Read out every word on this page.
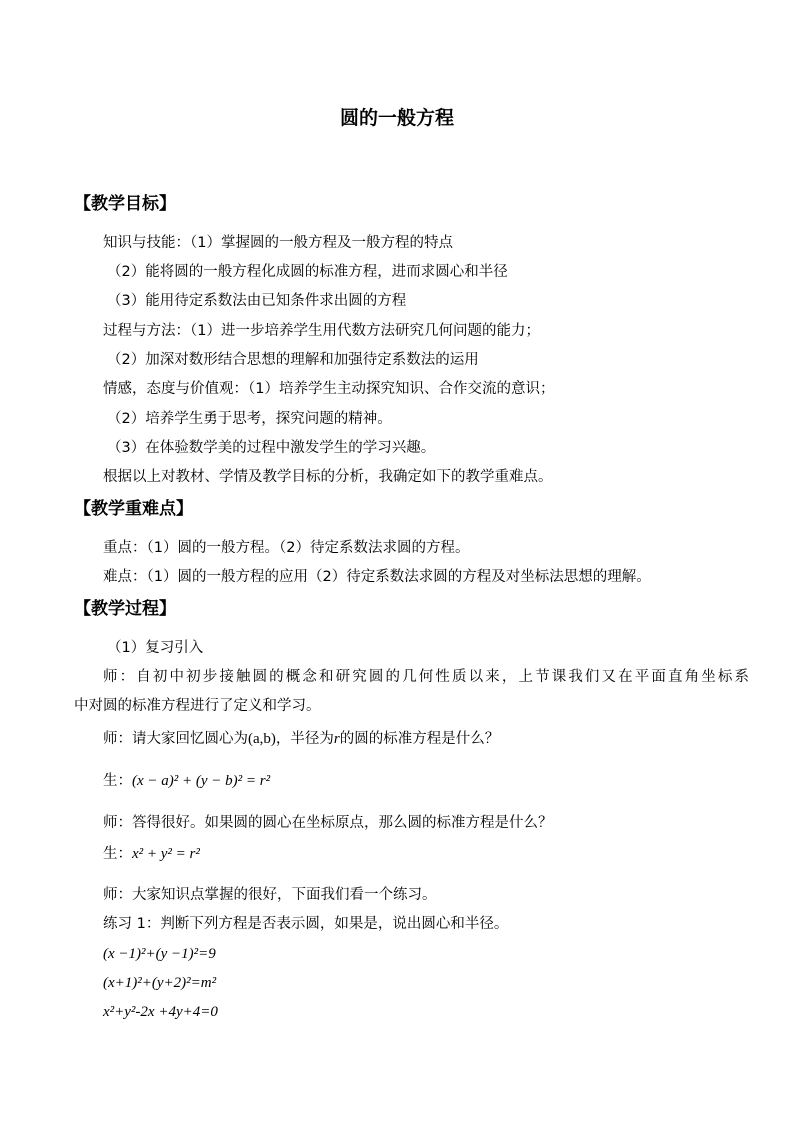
圆的一般方程
【教学目标】
知识与技能：（1）掌握圆的一般方程及一般方程的特点
（2）能将圆的一般方程化成圆的标准方程，进而求圆心和半径
（3）能用待定系数法由已知条件求出圆的方程
过程与方法：（1）进一步培养学生用代数方法研究几何问题的能力；
（2）加深对数形结合思想的理解和加强待定系数法的运用
情感，态度与价值观：（1）培养学生主动探究知识、合作交流的意识；
（2）培养学生勇于思考，探究问题的精神。
（3）在体验数学美的过程中激发学生的学习兴趣。
根据以上对教材、学情及教学目标的分析，我确定如下的教学重难点。
【教学重难点】
重点：（1）圆的一般方程。（2）待定系数法求圆的方程。
难点：（1）圆的一般方程的应用（2）待定系数法求圆的方程及对坐标法思想的理解。
【教学过程】
（1）复习引入
师：自初中初步接触圆的概念和研究圆的几何性质以来，上节课我们又在平面直角坐标系
中对圆的标准方程进行了定义和学习。
师：请大家回忆圆心为(a,b)，半径为r的圆的标准方程是什么？
生：(x − a)² + (y − b)² = r²
师：答得很好。如果圆的圆心在坐标原点，那么圆的标准方程是什么？
生：x² + y² = r²
师：大家知识点掌握的很好，下面我们看一个练习。
练习 1：判断下列方程是否表示圆，如果是，说出圆心和半径。
(x −1)²+(y −1)²=9
(x+1)²+(y+2)²=m²
x²+y²-2x +4y+4=0
